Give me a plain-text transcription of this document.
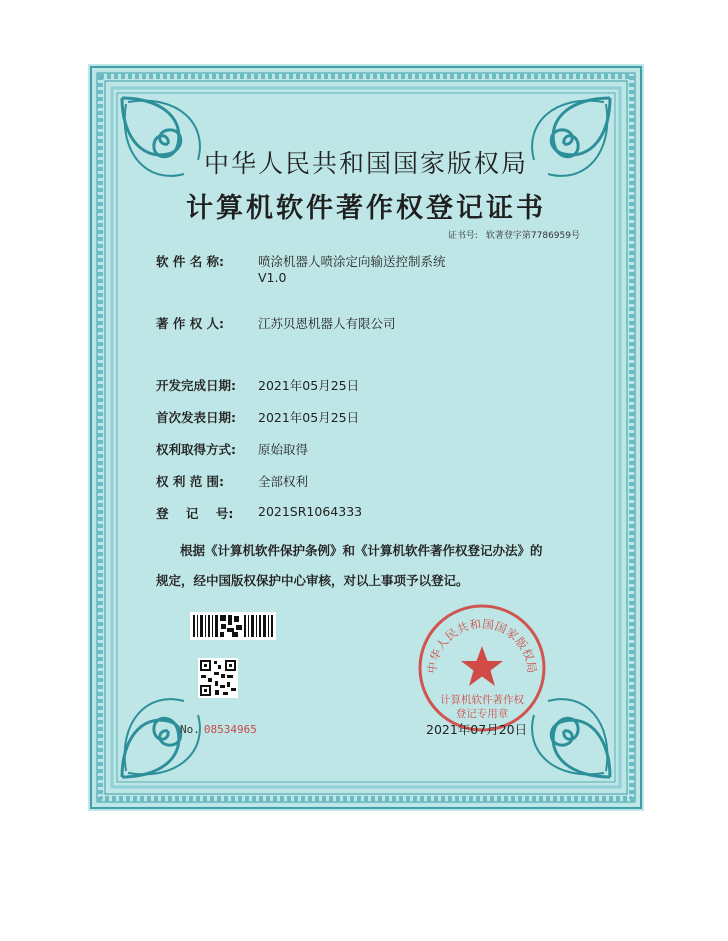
中华人民共和国国家版权局
计算机软件著作权登记证书
证书号: 软著登字第7786959号
软 件 名 称:	喷涂机器人喷涂定向输送控制系统
V1.0
著 作 权 人:	江苏贝恩机器人有限公司
开发完成日期: 2021年05月25日
首次发表日期: 2021年05月25日
权利取得方式: 原始取得
权 利 范 围:	全部权利
登    记    号: 2021SR1064333

根据《计算机软件保护条例》和《计算机软件著作权登记办法》的

规定，经中国版权保护中心审核，对以上事项予以登记。

No. 08534965
中华人民共和国国家版权局
计算机软件著作权
登记专用章
2021年07月20日
